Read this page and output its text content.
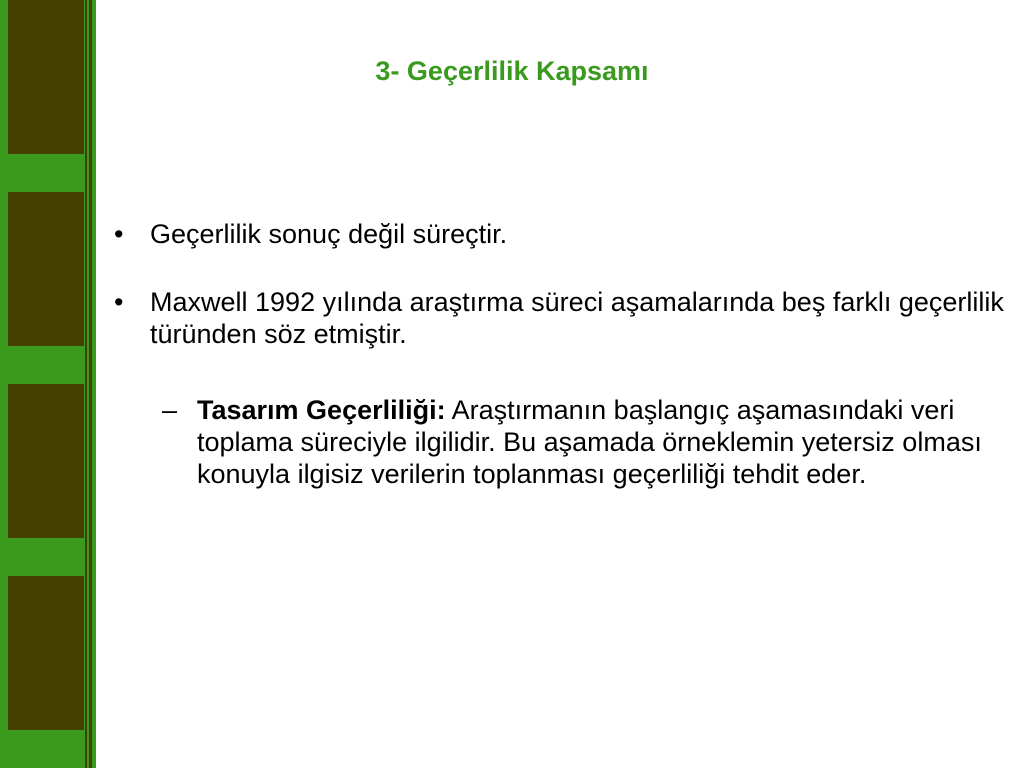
3- Geçerlilik Kapsamı
• Geçerlilik sonuç değil süreçtir.
• Maxwell 1992 yılında araştırma süreci aşamalarında beş farklı geçerlilik türünden söz etmiştir.
– Tasarım Geçerliliği: Araştırmanın başlangıç aşamasındaki veri toplama süreciyle ilgilidir. Bu aşamada örneklemin yetersiz olması konuyla ilgisiz verilerin toplanması geçerliliği tehdit eder.
